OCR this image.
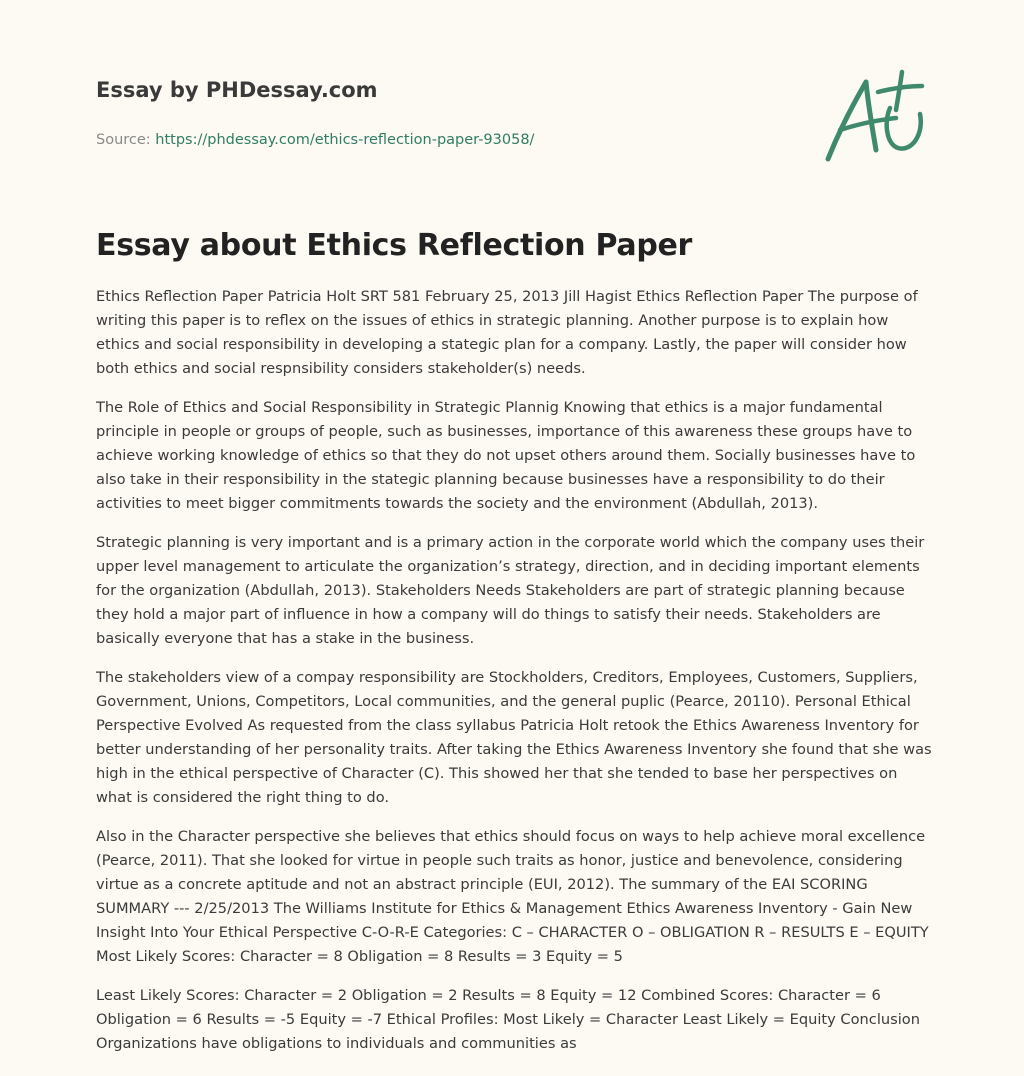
Essay by PHDessay.com
Source: https://phdessay.com/ethics-reflection-paper-93058/
Essay about Ethics Reflection Paper

Ethics Reflection Paper Patricia Holt SRT 581 February 25, 2013 Jill Hagist Ethics Reflection Paper The purpose of writing this paper is to reflex on the issues of ethics in strategic planning. Another purpose is to explain how ethics and social responsibility in developing a stategic plan for a company. Lastly, the paper will consider how both ethics and social respnsibility considers stakeholder(s) needs.

The Role of Ethics and Social Responsibility in Strategic Plannig Knowing that ethics is a major fundamental principle in people or groups of people, such as businesses, importance of this awareness these groups have to achieve working knowledge of ethics so that they do not upset others around them. Socially businesses have to also take in their responsibility in the stategic planning because businesses have a responsibility to do their activities to meet bigger commitments towards the society and the environment (Abdullah, 2013).

Strategic planning is very important and is a primary action in the corporate world which the company uses their upper level management to articulate the organization’s strategy, direction, and in deciding important elements for the organization (Abdullah, 2013). Stakeholders Needs Stakeholders are part of strategic planning because they hold a major part of influence in how a company will do things to satisfy their needs. Stakeholders are basically everyone that has a stake in the business.

The stakeholders view of a compay responsibility are Stockholders, Creditors, Employees, Customers, Suppliers, Government, Unions, Competitors, Local communities, and the general puplic (Pearce, 20110). Personal Ethical Perspective Evolved As requested from the class syllabus Patricia Holt retook the Ethics Awareness Inventory for better understanding of her personality traits. After taking the Ethics Awareness Inventory she found that she was high in the ethical perspective of Character (C). This showed her that she tended to base her perspectives on what is considered the right thing to do.

Also in the Character perspective she believes that ethics should focus on ways to help achieve moral excellence (Pearce, 2011). That she looked for virtue in people such traits as honor, justice and benevolence, considering virtue as a concrete aptitude and not an abstract principle (EUI, 2012). The summary of the EAI SCORING SUMMARY --- 2/25/2013 The Williams Institute for Ethics & Management Ethics Awareness Inventory - Gain New Insight Into Your Ethical Perspective C-O-R-E Categories: C – CHARACTER O – OBLIGATION R – RESULTS E – EQUITY Most Likely Scores: Character = 8 Obligation = 8 Results = 3 Equity = 5

Least Likely Scores: Character = 2 Obligation = 2 Results = 8 Equity = 12 Combined Scores: Character = 6 Obligation = 6 Results = -5 Equity = -7 Ethical Profiles: Most Likely = Character Least Likely = Equity Conclusion Organizations have obligations to individuals and communities as
